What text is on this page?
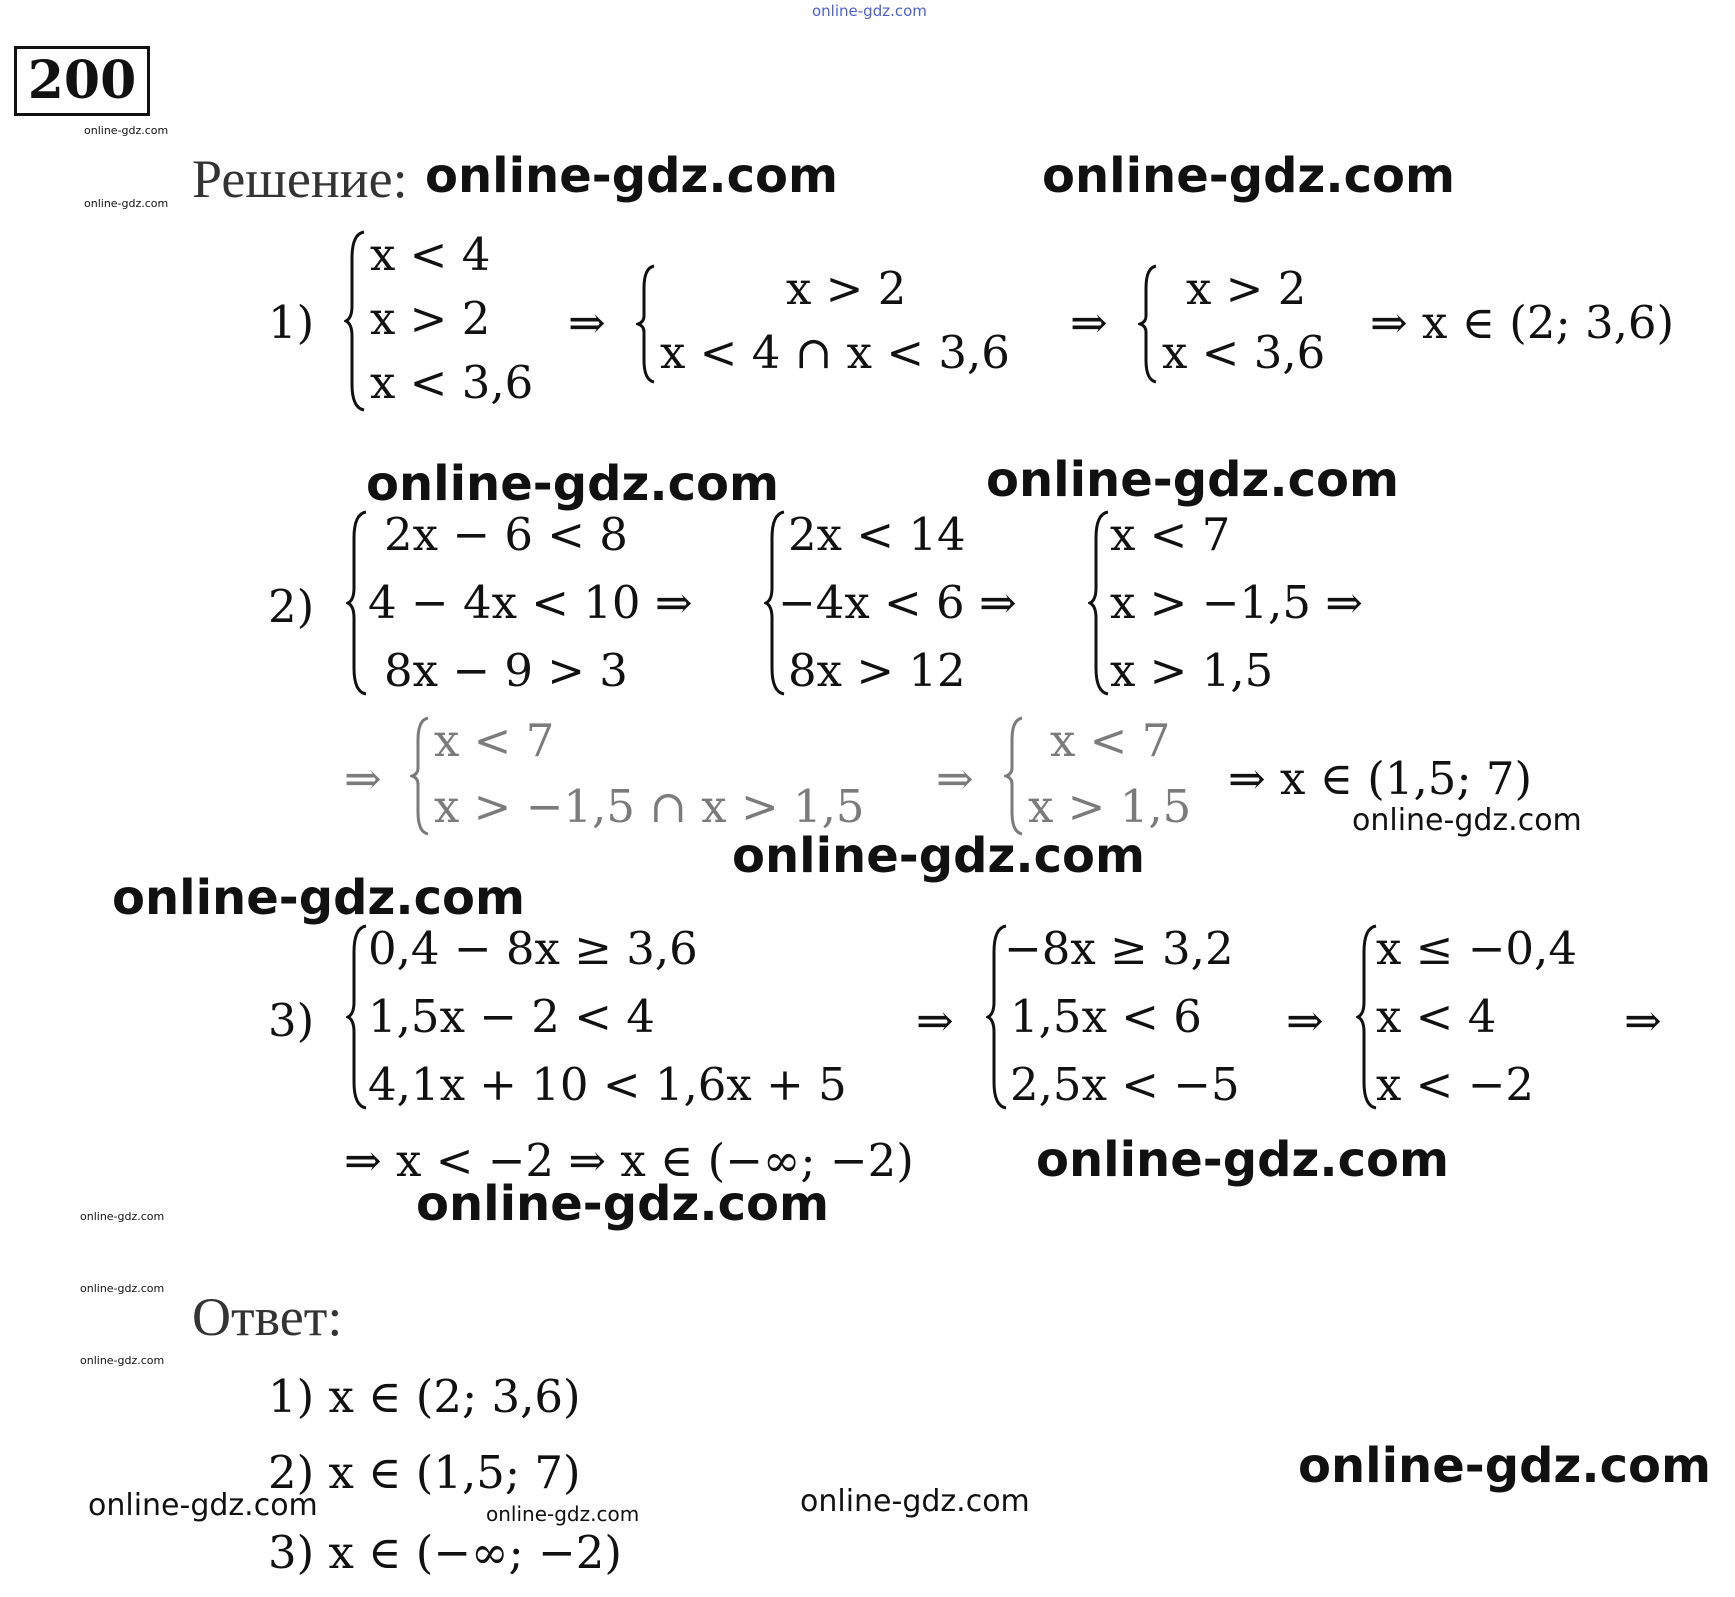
online-gdz.com
200
online-gdz.com
online-gdz.com
online-gdz.com
online-gdz.com
online-gdz.com
Решение: online-gdz.com	online-gdz.com
1)
x < 4
x > 2
x < 3,6
⇒
x > 2
x < 4 ∩ x < 3,6
⇒
x > 2
x < 3,6
⇒ x ∈ (2; 3,6)
online-gdz.com	online-gdz.com
2)
2x − 6 < 8
4 − 4x < 10 ⇒
8x − 9 > 3
2x < 14
−4x < 6 ⇒
8x > 12
x < 7
x > −1,5 ⇒
x > 1,5
⇒
x < 7
x > −1,5 ∩ x > 1,5
⇒
x < 7
x > 1,5
⇒ x ∈ (1,5; 7)
online-gdz.com
online-gdz.com
online-gdz.com
3)
0,4 − 8x ≥ 3,6
1,5x − 2 < 4
4,1x + 10 < 1,6x + 5
⇒
−8x ≥ 3,2
1,5x < 6
2,5x < −5
⇒
x ≤ −0,4
x < 4
x < −2
⇒
⇒ x < −2 ⇒ x ∈ (−∞; −2)	online-gdz.com
online-gdz.com
Ответ:
1) x ∈ (2; 3,6)
2) x ∈ (1,5; 7)
3) x ∈ (−∞; −2)
online-gdz.com
online-gdz.com
online-gdz.com	online-gdz.com
